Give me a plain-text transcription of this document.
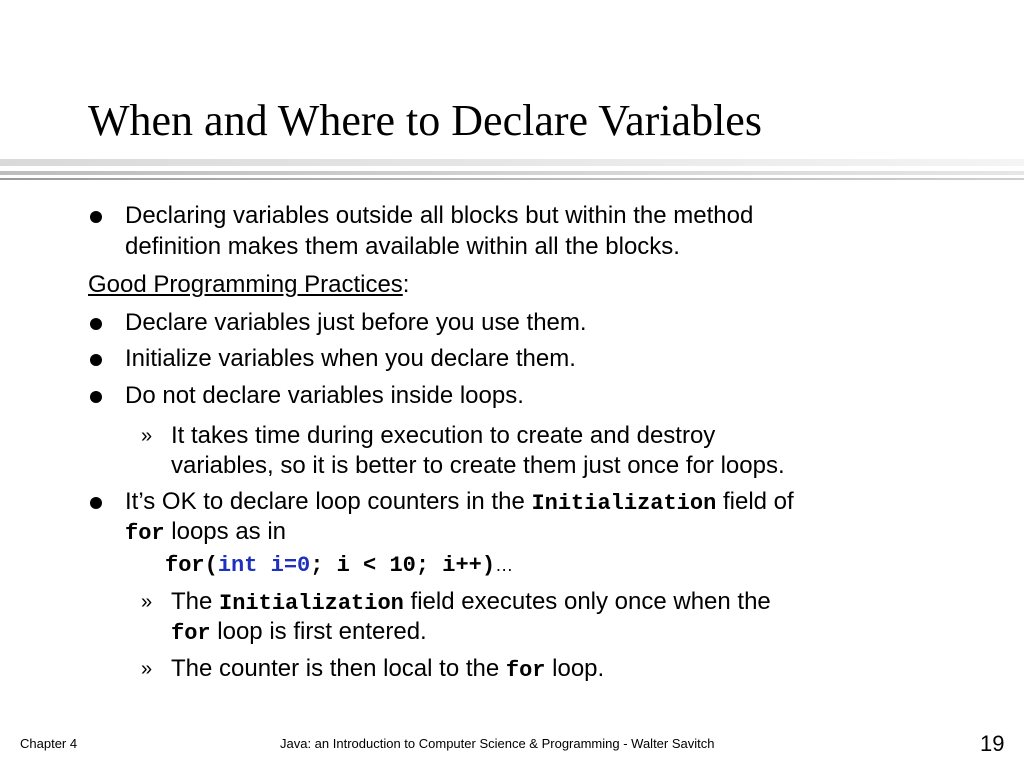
When and Where to Declare Variables
Declaring variables outside all blocks but within the method
definition makes them available within all the blocks.
Good Programming Practices:
Declare variables just before you use them.
Initialize variables when you declare them.
Do not declare variables inside loops.
» It takes time during execution to create and destroy
variables, so it is better to create them just once for loops.
It’s OK to declare loop counters in the Initialization field of
for loops as in
for(int i=0; i < 10; i++)…
» The Initialization field executes only once when the
for loop is first entered.
» The counter is then local to the for loop.
Chapter 4	Java: an Introduction to Computer Science & Programming - Walter Savitch	19
